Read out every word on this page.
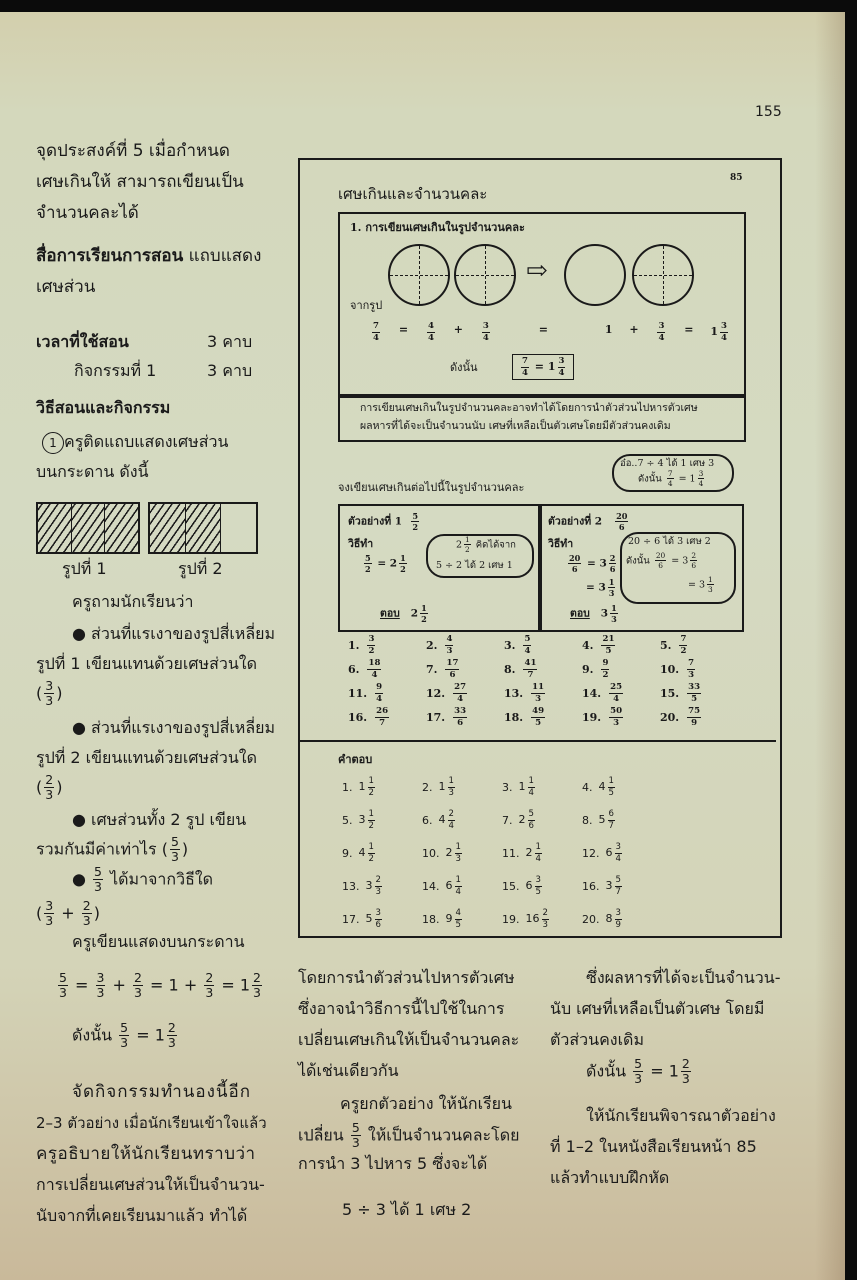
155
จุดประสงค์ที่ 5 เมื่อกำหนด
เศษเกินให้ สามารถเขียนเป็น
จำนวนคละได้
สื่อการเรียนการสอน แถบแสดง
เศษส่วน
เวลาที่ใช้สอน	3 คาบ
กิจกรรมที่ 1	3 คาบ
วิธีสอนและกิจกรรม
1 ครูติดแถบแสดงเศษส่วน
บนกระดาน ดังนี้
รูปที่ 1	รูปที่ 2
ครูถามนักเรียนว่า
● ส่วนที่แรเงาของรูปสี่เหลี่ยม
รูปที่ 1 เขียนแทนด้วยเศษส่วนใด
( $\frac{3}{3}$ )
● ส่วนที่แรเงาของรูปสี่เหลี่ยม
รูปที่ 2 เขียนแทนด้วยเศษส่วนใด
( $\frac{2}{3}$ )
● เศษส่วนทั้ง 2 รูป เขียน
รวมกันมีค่าเท่าไร ( $\frac{5}{3}$ )
● $\frac{5}{3}$ ได้มาจากวิธีใด
( $\frac{3}{3} + \frac{2}{3}$ )
ครูเขียนแสดงบนกระดาน
$\frac{5}{3} = \frac{3}{3} + \frac{2}{3} = 1 + \frac{2}{3} = 1 \frac{2}{3}$
ดังนั้น $\frac{5}{3} = 1 \frac{2}{3}$
จัดกิจกรรมทำนองนี้อีก
2–3 ตัวอย่าง เมื่อนักเรียนเข้าใจแล้ว
ครูอธิบายให้นักเรียนทราบว่า
การเปลี่ยนเศษส่วนให้เป็นจำนวน-
นับจากที่เคยเรียนมาแล้ว ทำได้
85
เศษเกินและจำนวนคละ
1. การเขียนเศษเกินในรูปจำนวนคละ
⇨
จากรูป
$\frac{7}{4} = \frac{4}{4} + \frac{3}{4}$	=	$1 + \frac{3}{4} = 1 \frac{3}{4}$
ดังนั้น	$\frac{7}{4} = 1 \frac{3}{4}$
การเขียนเศษเกินในรูปจำนวนคละอาจทำได้โดยการนำตัวส่วนไปหารตัวเศษ
ผลหารที่ได้จะเป็นจำนวนนับ เศษที่เหลือเป็นตัวเศษโดยมีตัวส่วนคงเดิม
อ๋อ..7 ÷ 4 ได้ 1 เศษ 3
ดังนั้น $\frac{7}{4} = 1 \frac{3}{4}$
จงเขียนเศษเกินต่อไปนี้ในรูปจำนวนคละ
ตัวอย่างที่ $1 \frac{5}{2}$
วิธีทำ
$\frac{5}{2} = 2 \frac{1}{2}$
$2 \frac{1}{2}$ คิดได้จาก
5 ÷ 2 ได้ 2 เศษ 1
ตอบ   $2 \frac{1}{2}$
ตัวอย่างที่ $2 \frac{20}{6}$
วิธีทำ
$\frac{20}{6} = 3 \frac{2}{6}$
= $3 \frac{1}{3}$
20 ÷ 6 ได้ 3 เศษ 2
ดังนั้น $\frac{20}{6} = 3 \frac{2}{6}$
= $3 \frac{1}{3}$
ตอบ   $3 \frac{1}{3}$
1. $\frac{3}{2}$	2. $\frac{4}{3}$	3. $\frac{5}{4}$	4. $\frac{21}{5}$	5. $\frac{7}{2}$
6. $\frac{18}{4}$	7. $\frac{17}{6}$	8. $\frac{41}{7}$	9. $\frac{9}{2}$	10. $\frac{7}{3}$
11. $\frac{9}{4}$	12. $\frac{27}{4}$	13. $\frac{11}{3}$	14. $\frac{25}{4}$	15. $\frac{33}{5}$
16. $\frac{26}{7}$	17. $\frac{33}{6}$	18. $\frac{49}{5}$	19. $\frac{50}{3}$	20. $\frac{75}{9}$
คำตอบ
1. $1 \frac{1}{2}$	2. $1 \frac{1}{3}$	3. $1 \frac{1}{4}$	4. $4 \frac{1}{5}$
5. $3 \frac{1}{2}$	6. $4 \frac{2}{4}$	7. $2 \frac{5}{6}$	8. $5 \frac{6}{7}$
9. $4 \frac{1}{2}$	10. $2 \frac{1}{3}$	11. $2 \frac{1}{4}$	12. $6 \frac{3}{4}$
13. $3 \frac{2}{3}$	14. $6 \frac{1}{4}$	15. $6 \frac{3}{5}$	16. $3 \frac{5}{7}$
17. $5 \frac{3}{6}$	18. $9 \frac{4}{5}$	19. $16 \frac{2}{3}$	20. $8 \frac{3}{9}$
โดยการนำตัวส่วนไปหารตัวเศษ
ซึ่งอาจนำวิธีการนี้ไปใช้ในการ
เปลี่ยนเศษเกินให้เป็นจำนวนคละ
ได้เช่นเดียวกัน
ครูยกตัวอย่าง ให้นักเรียน
เปลี่ยน $\frac{5}{3}$ ให้เป็นจำนวนคละโดย
การนำ 3 ไปหาร 5 ซึ่งจะได้
5 ÷ 3 ได้ 1 เศษ 2
ซึ่งผลหารที่ได้จะเป็นจำนวน-
นับ เศษที่เหลือเป็นตัวเศษ โดยมี
ตัวส่วนคงเดิม
ดังนั้น $\frac{5}{3} = 1 \frac{2}{3}$
ให้นักเรียนพิจารณาตัวอย่าง
ที่ 1–2 ในหนังสือเรียนหน้า 85
แล้วทำแบบฝึกหัด
